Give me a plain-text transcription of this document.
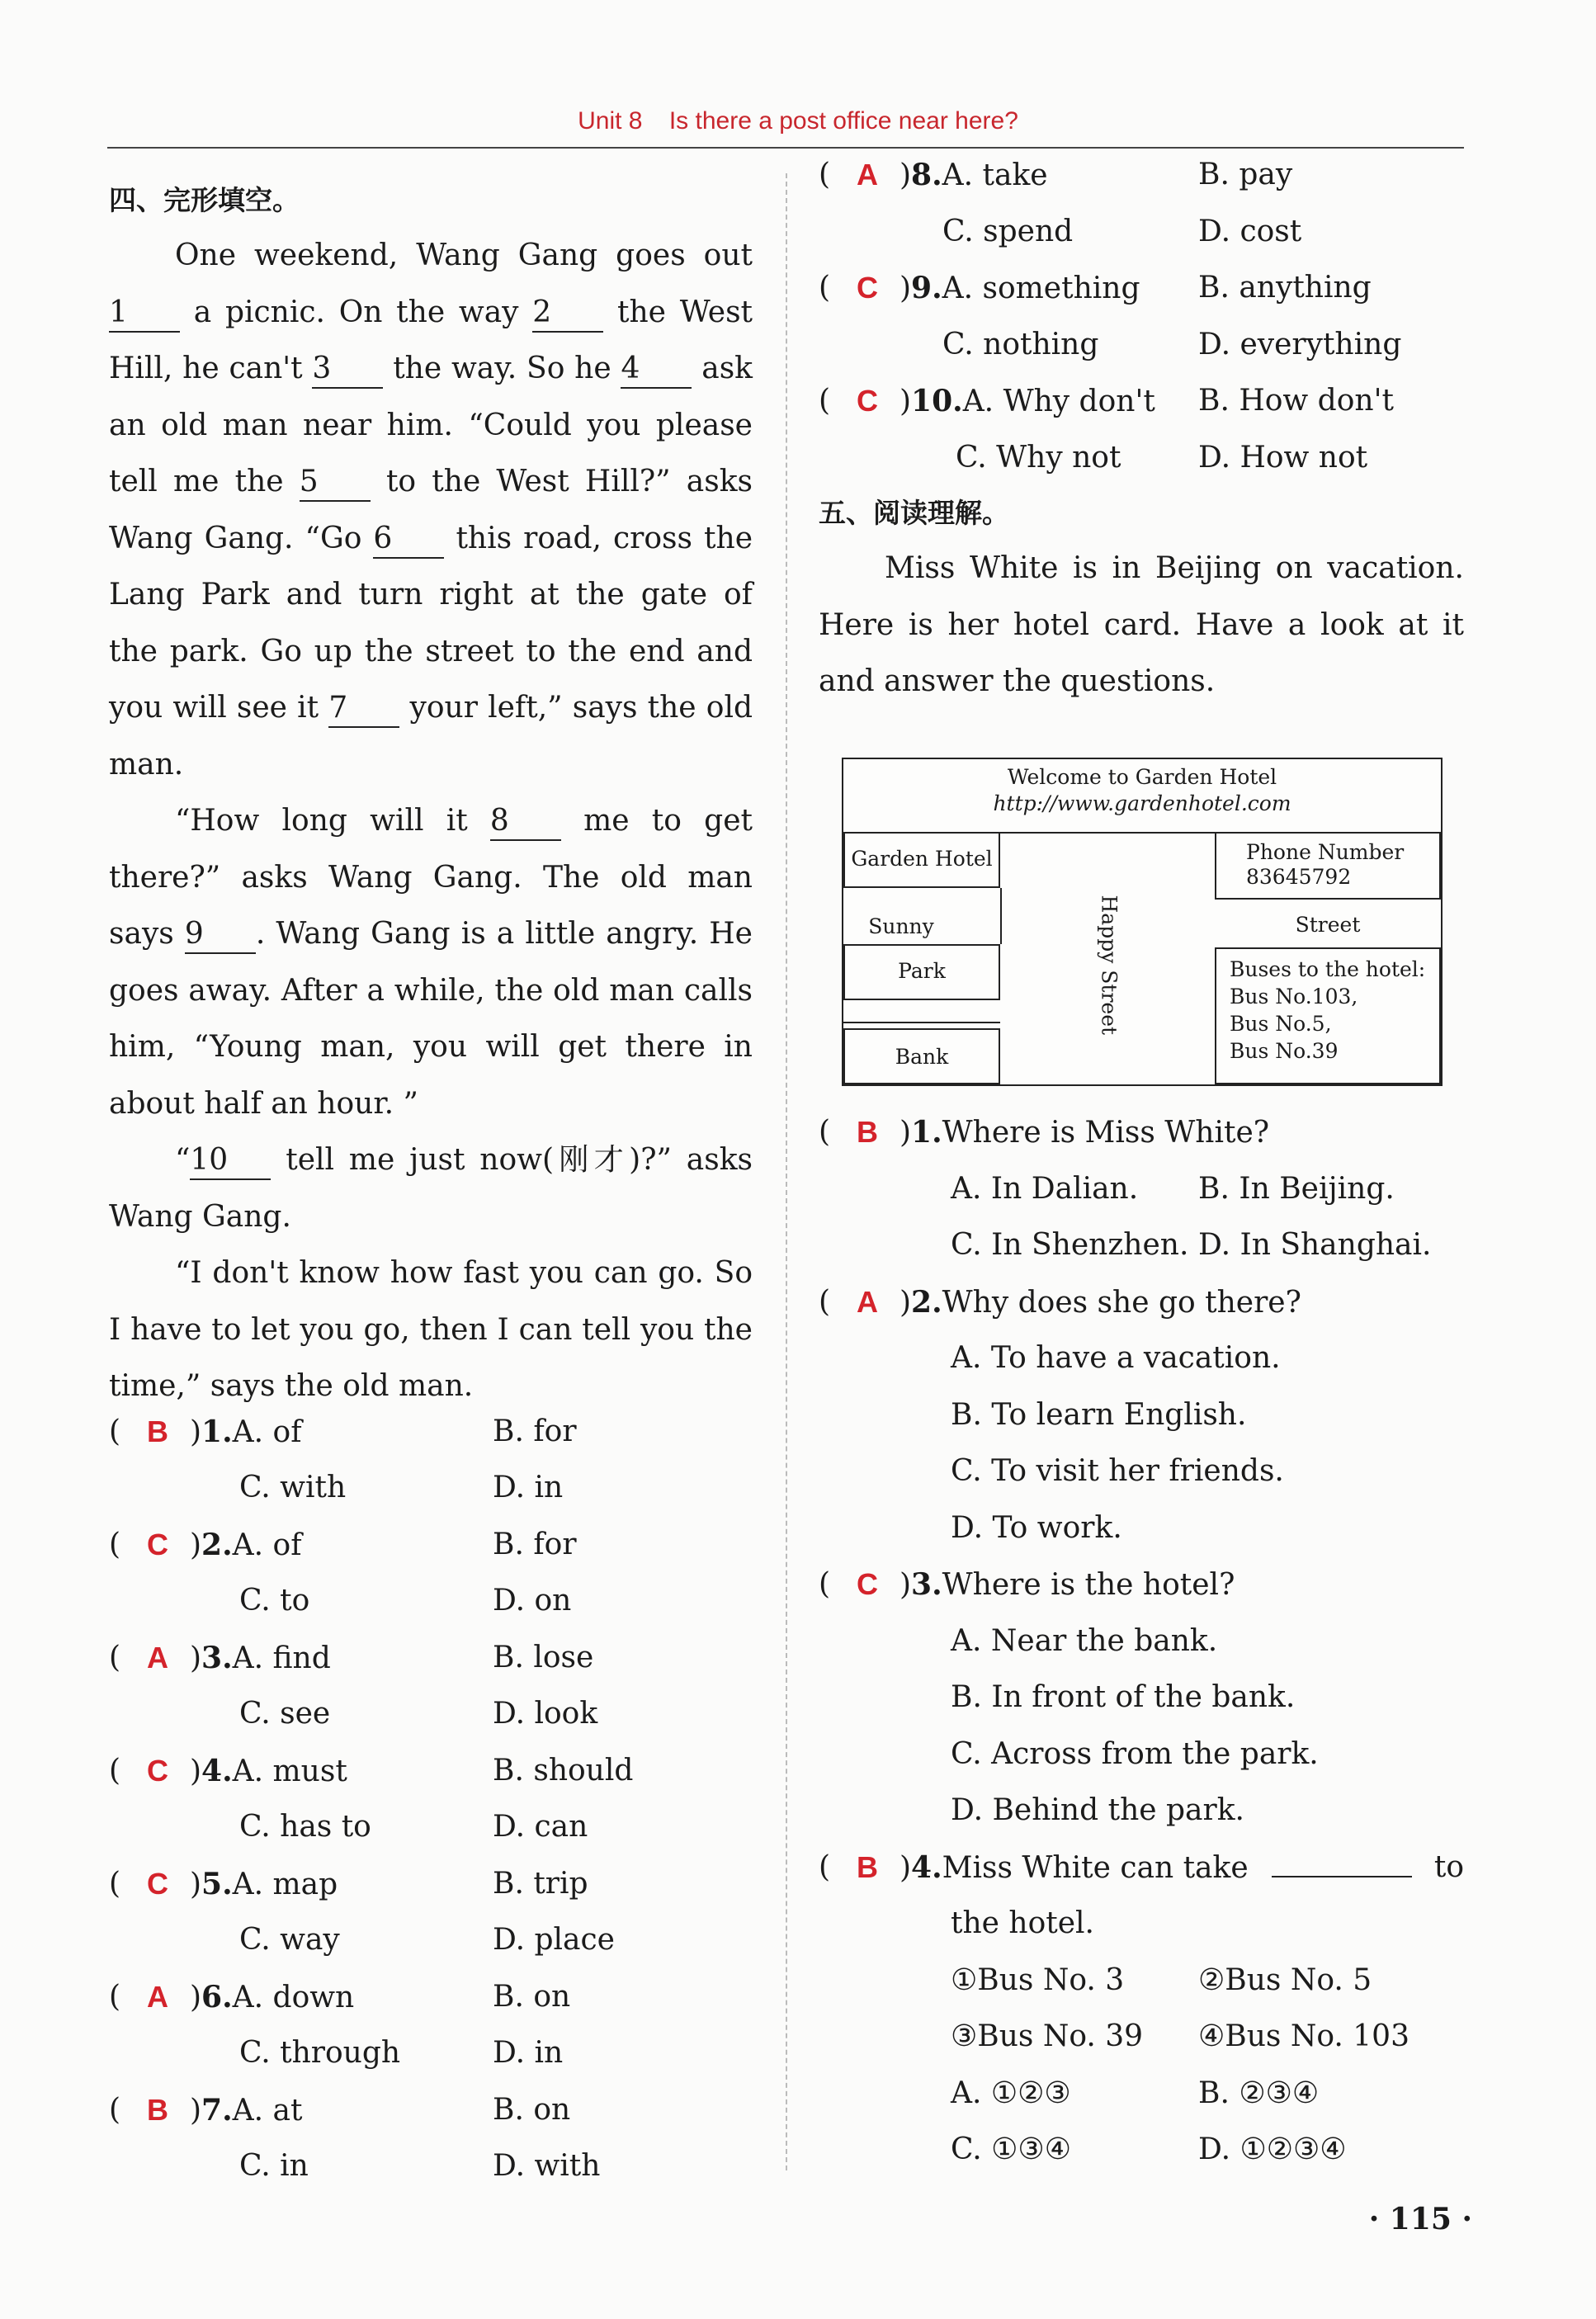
Unit 8 Is there a post office near here?
四、完形填空。

One weekend, Wang Gang goes out 1 a picnic. On the way 2 the West Hill, he can't 3 the way. So he 4 ask an old man near him. “Could you please tell me the 5 to the West Hill?” asks Wang Gang. “Go 6 this road, cross the Lang Park and turn right at the gate of the park. Go up the street to the end and you will see it 7 your left,” says the old man.

“How long will it 8 me to get there?” asks Wang Gang. The old man says 9 . Wang Gang is a little angry. He goes away. After a while, the old man calls him, “Young man, you will get there in about half an hour. ”

“10 tell me just now(刚才)?” asks Wang Gang.

“I don't know how fast you can go. So I have to let you go, then I can tell you the time,” says the old man.

( B )1.A. of	B. for
C. with	D. in
( C )2.A. of	B. for
C. to	D. on
( A )3.A. find	B. lose
C. see	D. look
( C )4.A. must	B. should
C. has to	D. can
( C )5.A. map	B. trip
C. way	D. place
( A )6.A. down	B. on
C. through	D. in
( B )7.A. at	B. on
C. in	D. with
( A )8.A. take	B. pay
C. spend	D. cost
( C )9.A. something B. anything
C. nothing	D. everything
( C )10.A. Why don't B. How don't
C. Why not	D. How not
五、阅读理解。

Miss White is in Beijing on vacation. Here is her hotel card. Have a look at it and answer the questions.

Welcome to Garden Hotel
http://www.gardenhotel.com
Garden Hotel
Sunny
Park
Bank
Happy Street
Phone Number
83645792
Street
Buses to the hotel:
Bus No.103,
Bus No.5,
Bus No.39
( B )1.Where is Miss White?
A. In Dalian. B. In Beijing.
C. In Shenzhen. D. In Shanghai.
( A )2.Why does she go there?
A. To have a vacation.
B. To learn English.
C. To visit her friends.
D. To work.
( C )3.Where is the hotel?
A. Near the bank.
B. In front of the bank.
C. Across from the park.
D. Behind the park.
( B )4.Miss White can take	to
the hotel.
①Bus No. 3 ②Bus No. 5
③Bus No. 39 ④Bus No. 103
A. ①②③	B. ②③④
C. ①③④	D. ①②③④
· 115 ·
